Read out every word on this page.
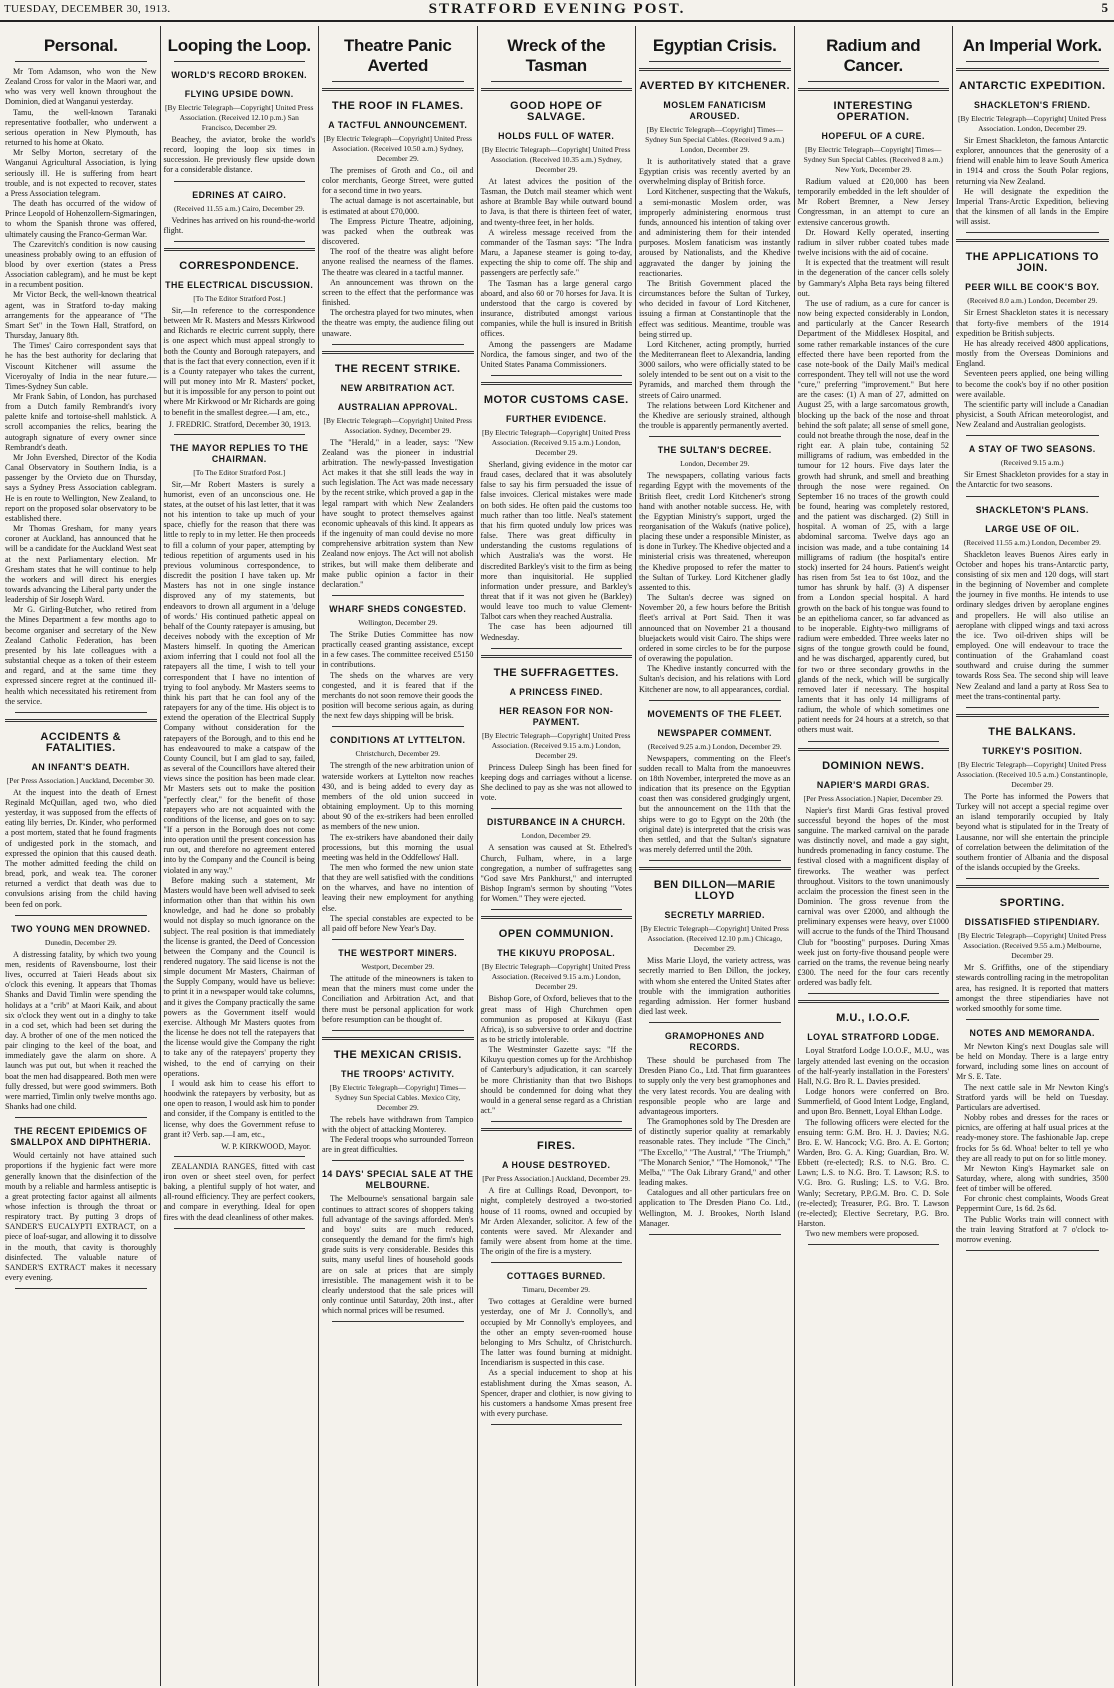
TUESDAY, DECEMBER 30, 1913.	STRATFORD EVENING POST.	5
Personal.

Mr Tom Adamson, who won the New Zealand Cross for valor in the Maori war, and who was very well known throughout the Dominion, died at Wanganui yesterday.

Tamu, the well-known Taranaki representative footballer, who underwent a serious operation in New Plymouth, has returned to his home at Okato.

Mr Selby Morton, secretary of the Wanganui Agricultural Association, is lying seriously ill. He is suffering from heart trouble, and is not expected to recover, states a Press Association telegram.

The death has occurred of the widow of Prince Leopold of Hohenzollern-Sigmaringen, to whom the Spanish throne was offered, ultimately causing the Franco-German War.

The Czarevitch's condition is now causing uneasiness probably owing to an effusion of blood by over exertion (states a Press Association cablegram), and he must be kept in a recumbent position.

Mr Victor Beck, the well-known theatrical agent, was in Stratford to-day making arrangements for the appearance of "The Smart Set" in the Town Hall, Stratford, on Thursday, January 8th.

The Times' Cairo correspondent says that he has the best authority for declaring that Viscount Kitchener will assume the Viceroyalty of India in the near future.—Times-Sydney Sun cable.

Mr Frank Sabin, of London, has purchased from a Dutch family Rembrandt's ivory palette knife and tortoise-shell mahlstick. A scroll accompanies the relics, bearing the autograph signature of every owner since Rembrandt's death.

Mr John Evershed, Director of the Kodia Canal Observatory in Southern India, is a passenger by the Orvieto due on Thursday, says a Sydney Press Association cablegram. He is en route to Wellington, New Zealand, to report on the proposed solar observatory to be established there.

Mr Thomas Gresham, for many years coroner at Auckland, has announced that he will be a candidate for the Auckland West seat at the next Parliamentary election. Mr Gresham states that he will continue to help the workers and will direct his energies towards advancing the Liberal party under the leadership of Sir Joseph Ward.

Mr G. Girling-Butcher, who retired from the Mines Department a few months ago to become organiser and secretary of the New Zealand Catholic Federation, has been presented by his late colleagues with a substantial cheque as a token of their esteem and regard, and at the same time they expressed sincere regret at the continued ill-health which necessitated his retirement from the service.

ACCIDENTS & FATALITIES.
AN INFANT'S DEATH.
[Per Press Association.] Auckland, December 30.

At the inquest into the death of Ernest Reginald McQuillan, aged two, who died yesterday, it was supposed from the effects of eating lily berries, Dr. Kinder, who performed a post mortem, stated that he found fragments of undigested pork in the stomach, and expressed the opinion that this caused death. The mother admitted feeding the child on bread, pork, and weak tea. The coroner returned a verdict that death was due to convulsions arising from the child having been fed on pork.

TWO YOUNG MEN DROWNED.
Dunedin, December 29.

A distressing fatality, by which two young men, residents of Ravensbourne, lost their lives, occurred at Taieri Heads about six o'clock this evening. It appears that Thomas Shanks and David Timlin were spending the holidays at a "crib" at Maori Kaik, and about six o'clock they went out in a dinghy to take in a cod set, which had been set during the day. A brother of one of the men noticed the pair clinging to the keel of the boat, and immediately gave the alarm on shore. A launch was put out, but when it reached the boat the men had disappeared. Both men were fully dressed, but were good swimmers. Both were married, Timlin only twelve months ago. Shanks had one child.

THE RECENT EPIDEMICS OF SMALLPOX AND DIPHTHERIA.

Would certainly not have attained such proportions if the hygienic fact were more generally known that the disinfection of the mouth by a reliable and harmless antiseptic is a great protecting factor against all ailments whose infection is through the throat or respiratory tract. By putting 3 drops of SANDER'S EUCALYPTI EXTRACT, on a piece of loaf-sugar, and allowing it to dissolve in the mouth, that cavity is thoroughly disinfected. The valuable nature of SANDER'S EXTRACT makes it necessary every evening.

Looping the Loop.
WORLD'S RECORD BROKEN.
FLYING UPSIDE DOWN.
[By Electric Telegraph—Copyright] United Press Association. (Received 12.10 p.m.) San Francisco, December 29.

Beachey, the aviator, broke the world's record, looping the loop six times in succession. He previously flew upside down for a considerable distance.

EDRINES AT CAIRO.
(Received 11.55 a.m.) Cairo, December 29.

Vedrines has arrived on his round-the-world flight.

CORRESPONDENCE.
THE ELECTRICAL DISCUSSION.
[To The Editor Stratford Post.]

Sir,—In reference to the correspondence between Mr R. Masters and Messrs Kirkwood and Richards re electric current supply, there is one aspect which must appeal strongly to both the County and Borough ratepayers, and that is the fact that every connection, even if it is a County ratepayer who takes the current, will put money into Mr R. Masters' pocket, but it is impossible for any person to point out where Mr Kirkwood or Mr Richards are going to benefit in the smallest degree.—I am, etc.,

J. FREDRIC. Stratford, December 30, 1913.
THE MAYOR REPLIES TO THE CHAIRMAN.
[To The Editor Stratford Post.]

Sir,—Mr Robert Masters is surely a humorist, even of an unconscious one. He states, at the outset of his last letter, that it was not his intention to take up much of your space, chiefly for the reason that there was little to reply to in my letter. He then proceeds to fill a column of your paper, attempting by tedious repetition of arguments used in his previous voluminous correspondence, to discredit the position I have taken up. Mr Masters has not in one single instance disproved any of my statements, but endeavors to drown all argument in a 'deluge of words.' His continued pathetic appeal on behalf of the County ratepayer is amusing, but deceives nobody with the exception of Mr Masters himself. In quoting the American axiom inferring that I could not fool all the ratepayers all the time, I wish to tell your correspondent that I have no intention of trying to fool anybody. Mr Masters seems to think his part that he can fool any of the ratepayers for any of the time. His object is to extend the operation of the Electrical Supply Company without consideration for the ratepayers of the Borough, and to this end he has endeavoured to make a catspaw of the County Council, but I am glad to say, failed, as several of the Councillors have altered their views since the position has been made clear. Mr Masters sets out to make the position "perfectly clear," for the benefit of those ratepayers who are not acquainted with the conditions of the license, and goes on to say: "If a person in the Borough does not come into operation until the present concession has run out, and therefore no agreement entered into by the Company and the Council is being violated in any way."

Before making such a statement, Mr Masters would have been well advised to seek information other than that within his own knowledge, and had he done so probably would not display so much ignorance on the subject. The real position is that immediately the license is granted, the Deed of Concession between the Company and the Council is rendered nugatory. The said license is not the simple document Mr Masters, Chairman of the Supply Company, would have us believe: to print it in a newspaper would take columns, and it gives the Company practically the same powers as the Government itself would exercise. Although Mr Masters quotes from the license he does not tell the ratepayers that the license would give the Company the right to take any of the ratepayers' property they wished, to the end of carrying on their operations.

I would ask him to cease his effort to hoodwink the ratepayers by verbosity, but as one open to reason, I would ask him to ponder and consider, if the Company is entitled to the license, why does the Government refuse to grant it? Verb. sap.—I am, etc.,

W. P. KIRKWOOD, Mayor.

ZEALANDIA RANGES, fitted with cast iron oven or sheet steel oven, for perfect baking, a plentiful supply of hot water, and all-round efficiency. They are perfect cookers, and compare in everything. Ideal for open fires with the dead cleanliness of other makes.

Theatre Panic Averted
THE ROOF IN FLAMES.
A TACTFUL ANNOUNCEMENT.
[By Electric Telegraph—Copyright] United Press Association. (Received 10.50 a.m.) Sydney, December 29.

The premises of Groth and Co., oil and color merchants, George Street, were gutted for a second time in two years.

The actual damage is not ascertainable, but is estimated at about £70,000.

The Empress Picture Theatre, adjoining, was packed when the outbreak was discovered.

The roof of the theatre was alight before anyone realised the nearness of the flames. The theatre was cleared in a tactful manner.

An announcement was thrown on the screen to the effect that the performance was finished.

The orchestra played for two minutes, when the theatre was empty, the audience filing out unaware.

THE RECENT STRIKE.
NEW ARBITRATION ACT.
AUSTRALIAN APPROVAL.
[By Electric Telegraph—Copyright] United Press Association. Sydney, December 29.

The "Herald," in a leader, says: "New Zealand was the pioneer in industrial arbitration. The newly-passed Investigation Act makes it that she still leads the way in such legislation. The Act was made necessary by the recent strike, which proved a gap in the legal rampart with which New Zealanders have sought to protect themselves against economic upheavals of this kind. It appears as if the ingenuity of man could devise no more comprehensive arbitration system than New Zealand now enjoys. The Act will not abolish strikes, but will make them deliberate and make public opinion a factor in their declaration."

WHARF SHEDS CONGESTED.
Wellington, December 29.

The Strike Duties Committee has now practically ceased granting assistance, except in a few cases. The committee received £5150 in contributions.

The sheds on the wharves are very congested, and it is feared that if the merchants do not soon remove their goods the position will become serious again, as during the next few days shipping will be brisk.

CONDITIONS AT LYTTELTON.
Christchurch, December 29.

The strength of the new arbitration union of waterside workers at Lyttelton now reaches 430, and is being added to every day as members of the old union succeed in obtaining employment. Up to this morning about 90 of the ex-strikers had been enrolled as members of the new union.

The ex-strikers have abandoned their daily processions, but this morning the usual meeting was held in the Oddfellows' Hall.

The men who formed the new union state that they are well satisfied with the conditions on the wharves, and have no intention of leaving their new employment for anything else.

The special constables are expected to be all paid off before New Year's Day.

THE WESTPORT MINERS.
Westport, December 29.

The attitude of the mineowners is taken to mean that the miners must come under the Conciliation and Arbitration Act, and that there must be personal application for work before resumption can be thought of.

THE MEXICAN CRISIS.
THE TROOPS' ACTIVITY.
[By Electric Telegraph—Copyright] Times—Sydney Sun Special Cables. Mexico City, December 29.

The rebels have withdrawn from Tampico with the object of attacking Monterey.

The Federal troops who surrounded Torreon are in great difficulties.

14 DAYS' SPECIAL SALE AT THE MELBOURNE.

The Melbourne's sensational bargain sale continues to attract scores of shoppers taking full advantage of the savings afforded. Men's and boys' suits are much reduced, consequently the demand for the firm's high grade suits is very considerable. Besides this suits, many useful lines of household goods are on sale at prices that are simply irresistible. The management wish it to be clearly understood that the sale prices will only continue until Saturday, 20th inst., after which normal prices will be resumed.

Wreck of the Tasman
GOOD HOPE OF SALVAGE.
HOLDS FULL OF WATER.
[By Electric Telegraph—Copyright] United Press Association. (Received 10.35 a.m.) Sydney, December 29.

At latest advices the position of the Tasman, the Dutch mail steamer which went ashore at Bramble Bay while outward bound to Java, is that there is thirteen feet of water, and twenty-three feet, in her holds.

A wireless message received from the commander of the Tasman says: "The Indra Maru, a Japanese steamer is going to-day, expecting the ship to come off. The ship and passengers are perfectly safe."

The Tasman has a large general cargo aboard, and also 60 or 70 horses for Java. It is understood that the cargo is covered by insurance, distributed amongst various companies, while the hull is insured in British offices.

Among the passengers are Madame Nordica, the famous singer, and two of the United States Panama Commissioners.

MOTOR CUSTOMS CASE.
FURTHER EVIDENCE.
[By Electric Telegraph—Copyright] United Press Association. (Received 9.15 a.m.) London, December 29.

Sherland, giving evidence in the motor car fraud cases, declared that it was absolutely false to say his firm persuaded the issue of false invoices. Clerical mistakes were made on both sides. He often paid the customs too much rather than too little. Neal's statement that his firm quoted unduly low prices was false. There was great difficulty in understanding the customs regulations of which Australia's was the worst. He discredited Barkley's visit to the firm as being more than inquisitorial. He supplied information under pressure, and Barkley's threat that if it was not given he (Barkley) would leave too much to value Clement-Talbot cars when they reached Australia.

The case has been adjourned till Wednesday.

THE SUFFRAGETTES.
A PRINCESS FINED.
HER REASON FOR NON-PAYMENT.
[By Electric Telegraph—Copyright] United Press Association. (Received 9.15 a.m.) London, December 29.

Princess Duleep Singh has been fined for keeping dogs and carriages without a license. She declined to pay as she was not allowed to vote.

DISTURBANCE IN A CHURCH.
London, December 29.

A sensation was caused at St. Ethelred's Church, Fulham, where, in a large congregation, a number of suffragettes sang "God save Mrs Pankhurst," and interrupted Bishop Ingram's sermon by shouting "Votes for Women." They were ejected.

OPEN COMMUNION.
THE KIKUYU PROPOSAL.
[By Electric Telegraph—Copyright] United Press Association. (Received 9.15 a.m.) London, December 29.

Bishop Gore, of Oxford, believes that to the great mass of High Churchmen open communion as proposed at Kikuyu (East Africa), is so subversive to order and doctrine as to be strictly intolerable.

The Westminster Gazette says: "If the Kikuyu question comes up for the Archbishop of Canterbury's adjudication, it can scarcely be more Christianity than that two Bishops should be condemned for doing what they would in a general sense regard as a Christian act."

FIRES.
A HOUSE DESTROYED.
[Per Press Association.] Auckland, December 29.

A fire at Cullings Road, Devonport, to-night, completely destroyed a two-storied house of 11 rooms, owned and occupied by Mr Arden Alexander, solicitor. A few of the contents were saved. Mr Alexander and family were absent from home at the time. The origin of the fire is a mystery.

COTTAGES BURNED.
Timaru, December 29.

Two cottages at Geraldine were burned yesterday, one of Mr J. Connolly's, and occupied by Mr Connolly's employees, and the other an empty seven-roomed house belonging to Mrs Schultz, of Christchurch. The latter was found burning at midnight. Incendiarism is suspected in this case.

As a special inducement to shop at his establishment during the Xmas season, A. Spencer, draper and clothier, is now giving to his customers a handsome Xmas present free with every purchase.

Egyptian Crisis.
AVERTED BY KITCHENER.
MOSLEM FANATICISM AROUSED.
[By Electric Telegraph—Copyright] Times—Sydney Sun Special Cables. (Received 9 a.m.) London, December 29.

It is authoritatively stated that a grave Egyptian crisis was recently averted by an overwhelming display of British force.

Lord Kitchener, suspecting that the Wakufs, a semi-monastic Moslem order, was improperly administering enormous trust funds, announced his intention of taking over and administering them for their intended purposes. Moslem fanaticism was instantly aroused by Nationalists, and the Khedive aggravated the danger by joining the reactionaries.

The British Government placed the circumstances before the Sultan of Turkey, who decided in favour of Lord Kitchener, issuing a firman at Constantinople that the effect was seditious. Meantime, trouble was being stirred up.

Lord Kitchener, acting promptly, hurried the Mediterranean fleet to Alexandria, landing 3000 sailors, who were officially stated to be solely intended to be sent out on a visit to the Pyramids, and marched them through the streets of Cairo unarmed.

The relations between Lord Kitchener and the Khedive are seriously strained, although the trouble is apparently permanently averted.

THE SULTAN'S DECREE.
London, December 29.

The newspapers, collating various facts regarding Egypt with the movements of the British fleet, credit Lord Kitchener's strong hand with another notable success. He, with the Egyptian Ministry's support, urged the reorganisation of the Wakufs (native police), placing these under a responsible Minister, as is done in Turkey. The Khedive objected and a ministerial crisis was threatened, whereupon the Khedive proposed to refer the matter to the Sultan of Turkey. Lord Kitchener gladly assented to this.

The Sultan's decree was signed on November 20, a few hours before the British fleet's arrival at Port Said. Then it was announced that on November 21 a thousand bluejackets would visit Cairo. The ships were ordered in some circles to be for the purpose of overawing the population.

The Khedive instantly concurred with the Sultan's decision, and his relations with Lord Kitchener are now, to all appearances, cordial.

MOVEMENTS OF THE FLEET.
NEWSPAPER COMMENT.
(Received 9.25 a.m.) London, December 29.

Newspapers, commenting on the Fleet's sudden recall to Malta from the manoeuvres on 18th November, interpreted the move as an indication that its presence on the Egyptian coast then was considered grudgingly urgent, but the announcement on the 11th that the ships were to go to Egypt on the 20th (the original date) is interpreted that the crisis was then settled, and that the Sultan's signature was merely deferred until the 20th.

BEN DILLON—MARIE LLOYD
SECRETLY MARRIED.
[By Electric Telegraph—Copyright] United Press Association. (Received 12.10 p.m.) Chicago, December 29.

Miss Marie Lloyd, the variety actress, was secretly married to Ben Dillon, the jockey, with whom she entered the United States after trouble with the immigration authorities regarding admission. Her former husband died last week.

GRAMOPHONES AND RECORDS.

These should be purchased from The Dresden Piano Co., Ltd. That firm guarantees to supply only the very best gramophones and the very latest records. You are dealing with responsible people who are large and advantageous importers.

The Gramophones sold by The Dresden are of distinctly superior quality at remarkably reasonable rates. They include "The Cinch," "The Excello," "The Austral," "The Triumph," "The Monarch Senior," "The Homonok," "The Melba," "The Oak Library Grand," and other leading makes.

Catalogues and all other particulars free on application to The Dresden Piano Co. Ltd., Wellington, M. J. Brookes, North Island Manager.

Radium and Cancer.
INTERESTING OPERATION.
HOPEFUL OF A CURE.
[By Electric Telegraph—Copyright] Times—Sydney Sun Special Cables. (Received 8 a.m.) New York, December 29.

Radium valued at £20,000 has been temporarily embedded in the left shoulder of Mr Robert Bremner, a New Jersey Congressman, in an attempt to cure an extensive cancerous growth.

Dr. Howard Kelly operated, inserting radium in silver rubber coated tubes made twelve incisions with the aid of cocaine.

It is expected that the treatment will result in the degeneration of the cancer cells solely by Gammary's Alpha Beta rays being filtered out.

The use of radium, as a cure for cancer is now being expected considerably in London, and particularly at the Cancer Research Department of the Middlesex Hospital, and some rather remarkable instances of the cure effected there have been reported from the case note-book of the Daily Mail's medical correspondent. They tell will not use the word "cure," preferring "improvement." But here are the cases: (1) A man of 27, admitted on August 25, with a large sarcomatous growth, blocking up the back of the nose and throat behind the soft palate; all sense of smell gone, could not breathe through the nose, deaf in the right ear. A plain tube, containing 52 milligrams of radium, was embedded in the tumour for 12 hours. Five days later the growth had shrunk, and smell and breathing through the nose were regained. On September 16 no traces of the growth could be found, hearing was completely restored, and the patient was discharged. (2) Still in hospital. A woman of 25, with a large abdominal sarcoma. Twelve days ago an incision was made, and a tube containing 14 milligrams of radium (the hospital's entire stock) inserted for 24 hours. Patient's weight has risen from 5st 1ea to 6st 10oz, and the tumor has shrunk by half. (3) A dispenser from a London special hospital. A hard growth on the back of his tongue was found to be an epithelioma cancer, so far advanced as to be inoperable. Eighty-two milligrams of radium were embedded. Three weeks later no signs of the tongue growth could be found, and he was discharged, apparently cured, but for two or three secondary growths in the glands of the neck, which will be surgically removed later if necessary. The hospital laments that it has only 14 milligrams of radium, the whole of which sometimes one patient needs for 24 hours at a stretch, so that others must wait.

DOMINION NEWS.
NAPIER'S MARDI GRAS.
[Per Press Association.] Napier, December 29.

Napier's first Mardi Gras festival proved successful beyond the hopes of the most sanguine. The marked carnival on the parade was distinctly novel, and made a gay sight, hundreds promenading in fancy costume. The festival closed with a magnificent display of fireworks. The weather was perfect throughout. Visitors to the town unanimously acclaim the procession the finest seen in the Dominion. The gross revenue from the carnival was over £2000, and although the preliminary expenses were heavy, over £1000 will accrue to the funds of the Third Thousand Club for "boosting" purposes. During Xmas week just on forty-five thousand people were carried on the trams, the revenue being nearly £300. The need for the four cars recently ordered was badly felt.

M.U., I.O.O.F.
LOYAL STRATFORD LODGE.

Loyal Stratford Lodge I.O.O.F., M.U., was largely attended last evening on the occasion of the half-yearly installation in the Foresters' Hall, N.G. Bro R. L. Davies presided.

Lodge honors were conferred on Bro. Summerfield, of Good Intent Lodge, England, and upon Bro. Bennett, Loyal Elthan Lodge.

The following officers were elected for the ensuing term: G.M. Bro. H. J. Davies; N.G. Bro. E. W. Hancock; V.G. Bro. A. E. Gorton; Warden, Bro. G. A. King; Guardian, Bro. W. Ebbett (re-elected); R.S. to N.G. Bro. C. Lawn; L.S. to N.G. Bro. T. Lawson; R.S. to V.G. Bro. G. Rusling; L.S. to V.G. Bro. Wanly; Secretary, P.P.G.M. Bro. C. D. Sole (re-elected); Treasurer, P.G. Bro. T. Lawson (re-elected); Elective Secretary, P.G. Bro. Harston.

Two new members were proposed.

An Imperial Work.
ANTARCTIC EXPEDITION.
SHACKLETON'S FRIEND.
[By Electric Telegraph—Copyright] United Press Association. London, December 29.

Sir Ernest Shackleton, the famous Antarctic explorer, announces that the generosity of a friend will enable him to leave South America in 1914 and cross the South Polar regions, returning via New Zealand.

He will designate the expedition the Imperial Trans-Arctic Expedition, believing that the kinsmen of all lands in the Empire will assist.

THE APPLICATIONS TO JOIN.
PEER WILL BE COOK'S BOY.
(Received 8.0 a.m.) London, December 29.

Sir Ernest Shackleton states it is necessary that forty-five members of the 1914 expedition be British subjects.

He has already received 4800 applications, mostly from the Overseas Dominions and England.

Seventeen peers applied, one being willing to become the cook's boy if no other position were available.

The scientific party will include a Canadian physicist, a South African meteorologist, and New Zealand and Australian geologists.

A STAY OF TWO SEASONS.
(Received 9.15 a.m.)

Sir Ernest Shackleton provides for a stay in the Antarctic for two seasons.

SHACKLETON'S PLANS.
LARGE USE OF OIL.
(Received 11.55 a.m.) London, December 29.

Shackleton leaves Buenos Aires early in October and hopes his trans-Antarctic party, consisting of six men and 120 dogs, will start in the beginning of November and complete the journey in five months. He intends to use ordinary sledges driven by aeroplane engines and propellers. He will also utilise an aeroplane with clipped wings and taxi across the ice. Two oil-driven ships will be employed. One will endeavour to trace the continuation of the Grahamland coast southward and cruise during the summer towards Ross Sea. The second ship will leave New Zealand and land a party at Ross Sea to meet the trans-continental party.

THE BALKANS.
TURKEY'S POSITION.
[By Electric Telegraph—Copyright] United Press Association. (Received 10.5 a.m.) Constantinople, December 29.

The Porte has informed the Powers that Turkey will not accept a special regime over an island temporarily occupied by Italy beyond what is stipulated for in the Treaty of Lausanne, nor will she entertain the principle of correlation between the delimitation of the southern frontier of Albania and the disposal of the islands occupied by the Greeks.

SPORTING.
DISSATISFIED STIPENDIARY.
[By Electric Telegraph—Copyright] United Press Association. (Received 9.55 a.m.) Melbourne, December 29.

Mr S. Griffiths, one of the stipendiary stewards controlling racing in the metropolitan area, has resigned. It is reported that matters amongst the three stipendiaries have not worked smoothly for some time.

NOTES AND MEMORANDA.

Mr Newton King's next Douglas sale will be held on Monday. There is a large entry forward, including some lines on account of Mr S. E. Tate.

The next cattle sale in Mr Newton King's Stratford yards will be held on Tuesday. Particulars are advertised.

Nobby robes and dresses for the races or picnics, are offering at half usual prices at the ready-money store. The fashionable Jap. crepe frocks for 5s 6d. Whoa! belter to tell ye who they are all ready to put on for so little money.

Mr Newton King's Haymarket sale on Saturday, where, along with sundries, 3500 feet of timber will be offered.

For chronic chest complaints, Woods Great Peppermint Cure, 1s 6d. 2s 6d.

The Public Works train will connect with the train leaving Stratford at 7 o'clock to-morrow evening.
